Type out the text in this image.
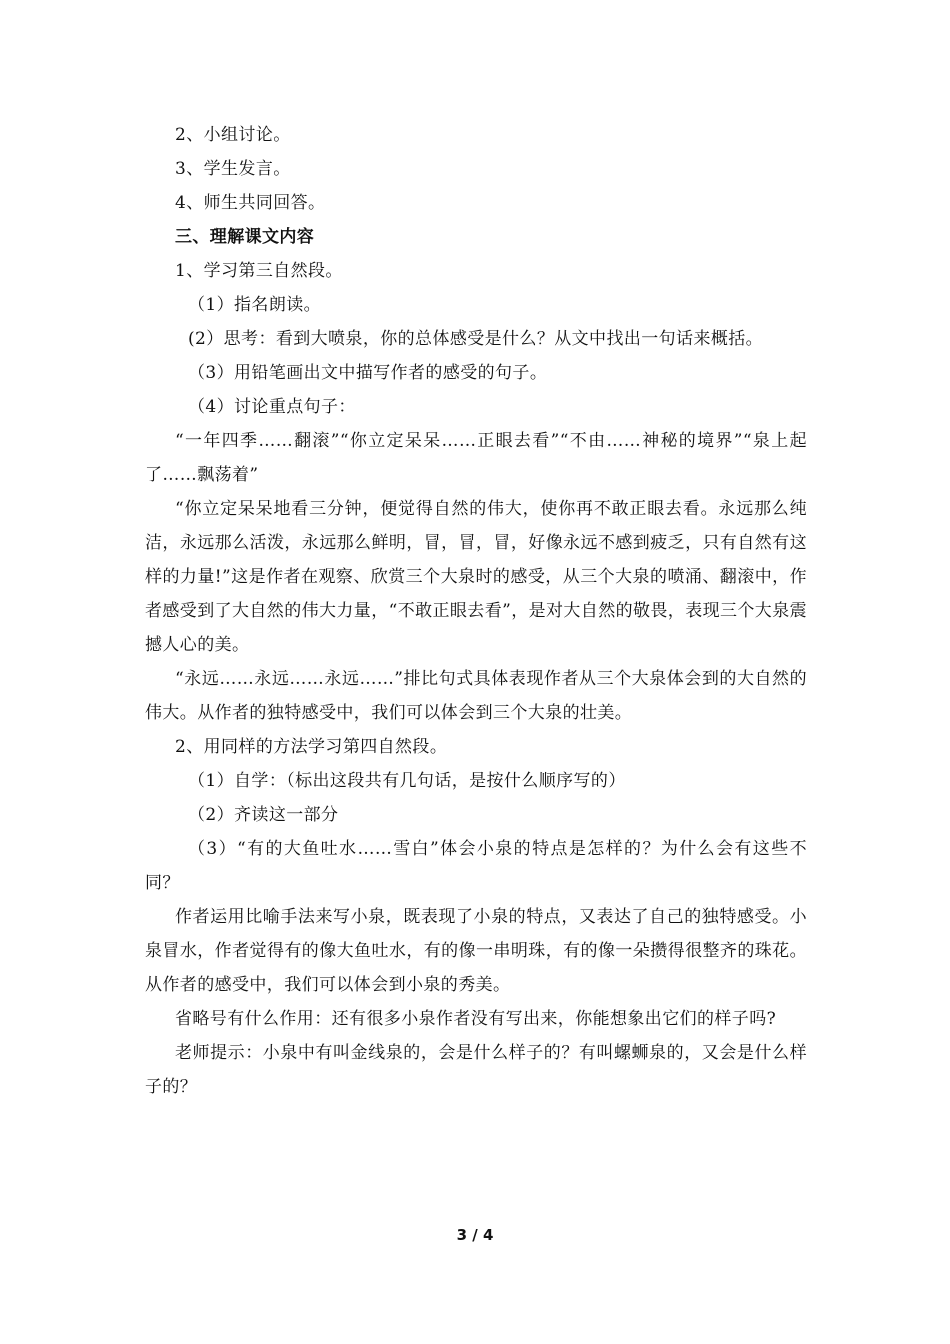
2、小组讨论。

3、学生发言。

4、师生共同回答。

三、理解课文内容

1、学习第三自然段。

（1）指名朗读。

(2）思考：看到大喷泉，你的总体感受是什么？从文中找出一句话来概括。

（3）用铅笔画出文中描写作者的感受的句子。

（4）讨论重点句子：

“一年四季……翻滚”“你立定呆呆……正眼去看”“不由……神秘的境界”“泉上起了……飘荡着”

“你立定呆呆地看三分钟，便觉得自然的伟大，使你再不敢正眼去看。永远那么纯洁，永远那么活泼，永远那么鲜明，冒，冒，冒，好像永远不感到疲乏，只有自然有这样的力量!”这是作者在观察、欣赏三个大泉时的感受，从三个大泉的喷涌、翻滚中，作者感受到了大自然的伟大力量，“不敢正眼去看”，是对大自然的敬畏，表现三个大泉震撼人心的美。

“永远……永远……永远……”排比句式具体表现作者从三个大泉体会到的大自然的伟大。从作者的独特感受中，我们可以体会到三个大泉的壮美。

2、用同样的方法学习第四自然段。

（1）自学：（标出这段共有几句话，是按什么顺序写的）

（2）齐读这一部分

（3）“有的大鱼吐水……雪白”体会小泉的特点是怎样的？为什么会有这些不同？

作者运用比喻手法来写小泉，既表现了小泉的特点，又表达了自己的独特感受。小泉冒水，作者觉得有的像大鱼吐水，有的像一串明珠，有的像一朵攒得很整齐的珠花。从作者的感受中，我们可以体会到小泉的秀美。

省略号有什么作用：还有很多小泉作者没有写出来，你能想象出它们的样子吗?

老师提示：小泉中有叫金线泉的，会是什么样子的？有叫螺蛳泉的，又会是什么样子的？

3 / 4
